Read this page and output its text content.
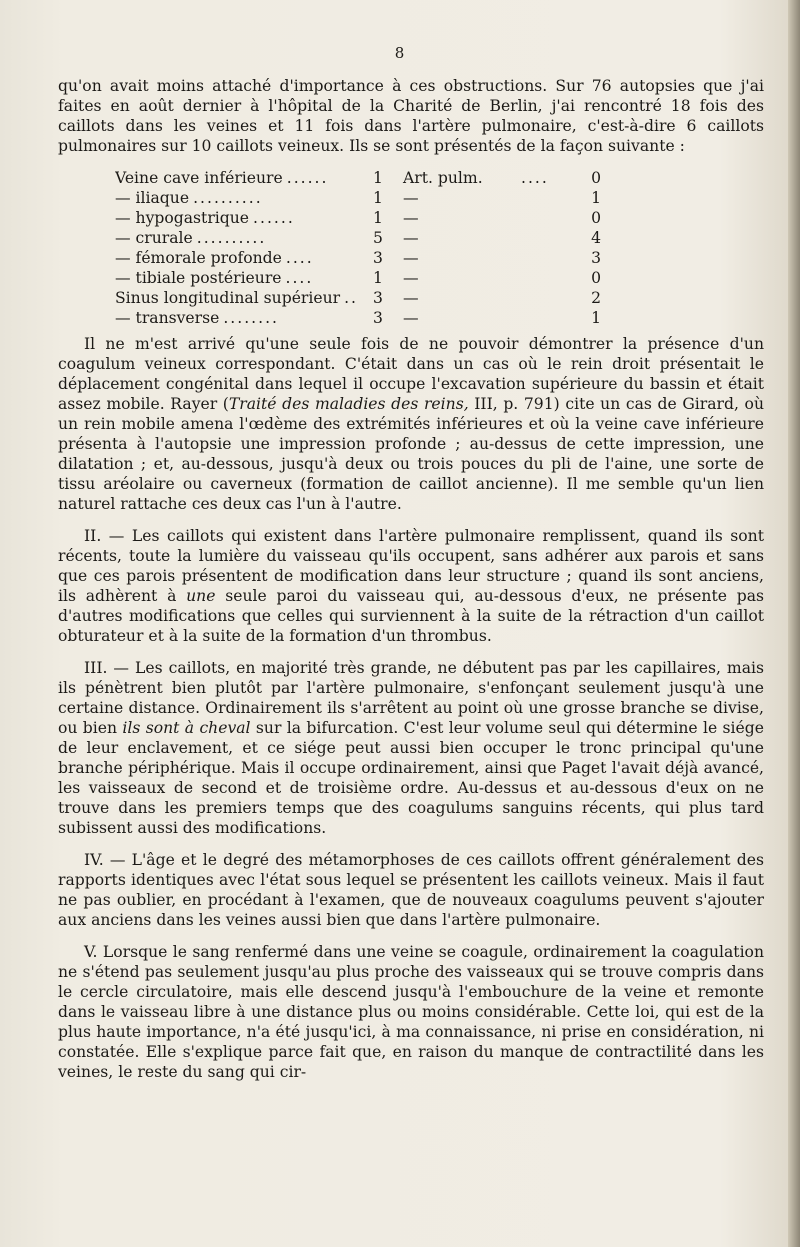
8

qu'on avait moins attaché d'importance à ces obstructions. Sur 76 autopsies que j'ai faites en août dernier à l'hôpital de la Charité de Berlin, j'ai rencontré 18 fois des caillots dans les veines et 11 fois dans l'artère pulmonaire, c'est-à-dire 6 caillots pulmonaires sur 10 caillots veineux. Ils se sont présentés de la façon suivante :

Veine cave inférieure ......	1	Art. pulm.	....	0
— iliaque ..........	1	—	1
— hypogastrique ......	1	—	0
— crurale ..........	5	—	4
— fémorale profonde ....	3	—	3
— tibiale postérieure ....	1	—	0
Sinus longitudinal supérieur .. 3	—	2
— transverse ........	3	—	1

Il ne m'est arrivé qu'une seule fois de ne pouvoir démontrer la présence d'un coagulum veineux correspondant. C'était dans un cas où le rein droit présentait le déplacement congénital dans lequel il occupe l'excavation supérieure du bassin et était assez mobile. Rayer (Traité des maladies des reins, III, p. 791) cite un cas de Girard, où un rein mobile amena l'œdème des extrémités inférieures et où la veine cave inférieure présenta à l'autopsie une impression profonde ; au-dessus de cette impression, une dilatation ; et, au-dessous, jusqu'à deux ou trois pouces du pli de l'aine, une sorte de tissu aréolaire ou caverneux (formation de caillot ancienne). Il me semble qu'un lien naturel rattache ces deux cas l'un à l'autre.

II. — Les caillots qui existent dans l'artère pulmonaire remplissent, quand ils sont récents, toute la lumière du vaisseau qu'ils occupent, sans adhérer aux parois et sans que ces parois présentent de modification dans leur structure ; quand ils sont anciens, ils adhèrent à une seule paroi du vaisseau qui, au-dessous d'eux, ne présente pas d'autres modifications que celles qui surviennent à la suite de la rétraction d'un caillot obturateur et à la suite de la formation d'un thrombus.

III. — Les caillots, en majorité très grande, ne débutent pas par les capillaires, mais ils pénètrent bien plutôt par l'artère pulmonaire, s'enfonçant seulement jusqu'à une certaine distance. Ordinairement ils s'arrêtent au point où une grosse branche se divise, ou bien ils sont à cheval sur la bifurcation. C'est leur volume seul qui détermine le siége de leur enclavement, et ce siége peut aussi bien occuper le tronc principal qu'une branche périphérique. Mais il occupe ordinairement, ainsi que Paget l'avait déjà avancé, les vaisseaux de second et de troisième ordre. Au-dessus et au-dessous d'eux on ne trouve dans les premiers temps que des coagulums sanguins récents, qui plus tard subissent aussi des modifications.

IV. — L'âge et le degré des métamorphoses de ces caillots offrent généralement des rapports identiques avec l'état sous lequel se présentent les caillots veineux. Mais il faut ne pas oublier, en procédant à l'examen, que de nouveaux coagulums peuvent s'ajouter aux anciens dans les veines aussi bien que dans l'artère pulmonaire.

V. Lorsque le sang renfermé dans une veine se coagule, ordinairement la coagulation ne s'étend pas seulement jusqu'au plus proche des vaisseaux qui se trouve compris dans le cercle circulatoire, mais elle descend jusqu'à l'embouchure de la veine et remonte dans le vaisseau libre à une distance plus ou moins considérable. Cette loi, qui est de la plus haute importance, n'a été jusqu'ici, à ma connaissance, ni prise en considération, ni constatée. Elle s'explique parce fait que, en raison du manque de contractilité dans les veines, le reste du sang qui cir-
